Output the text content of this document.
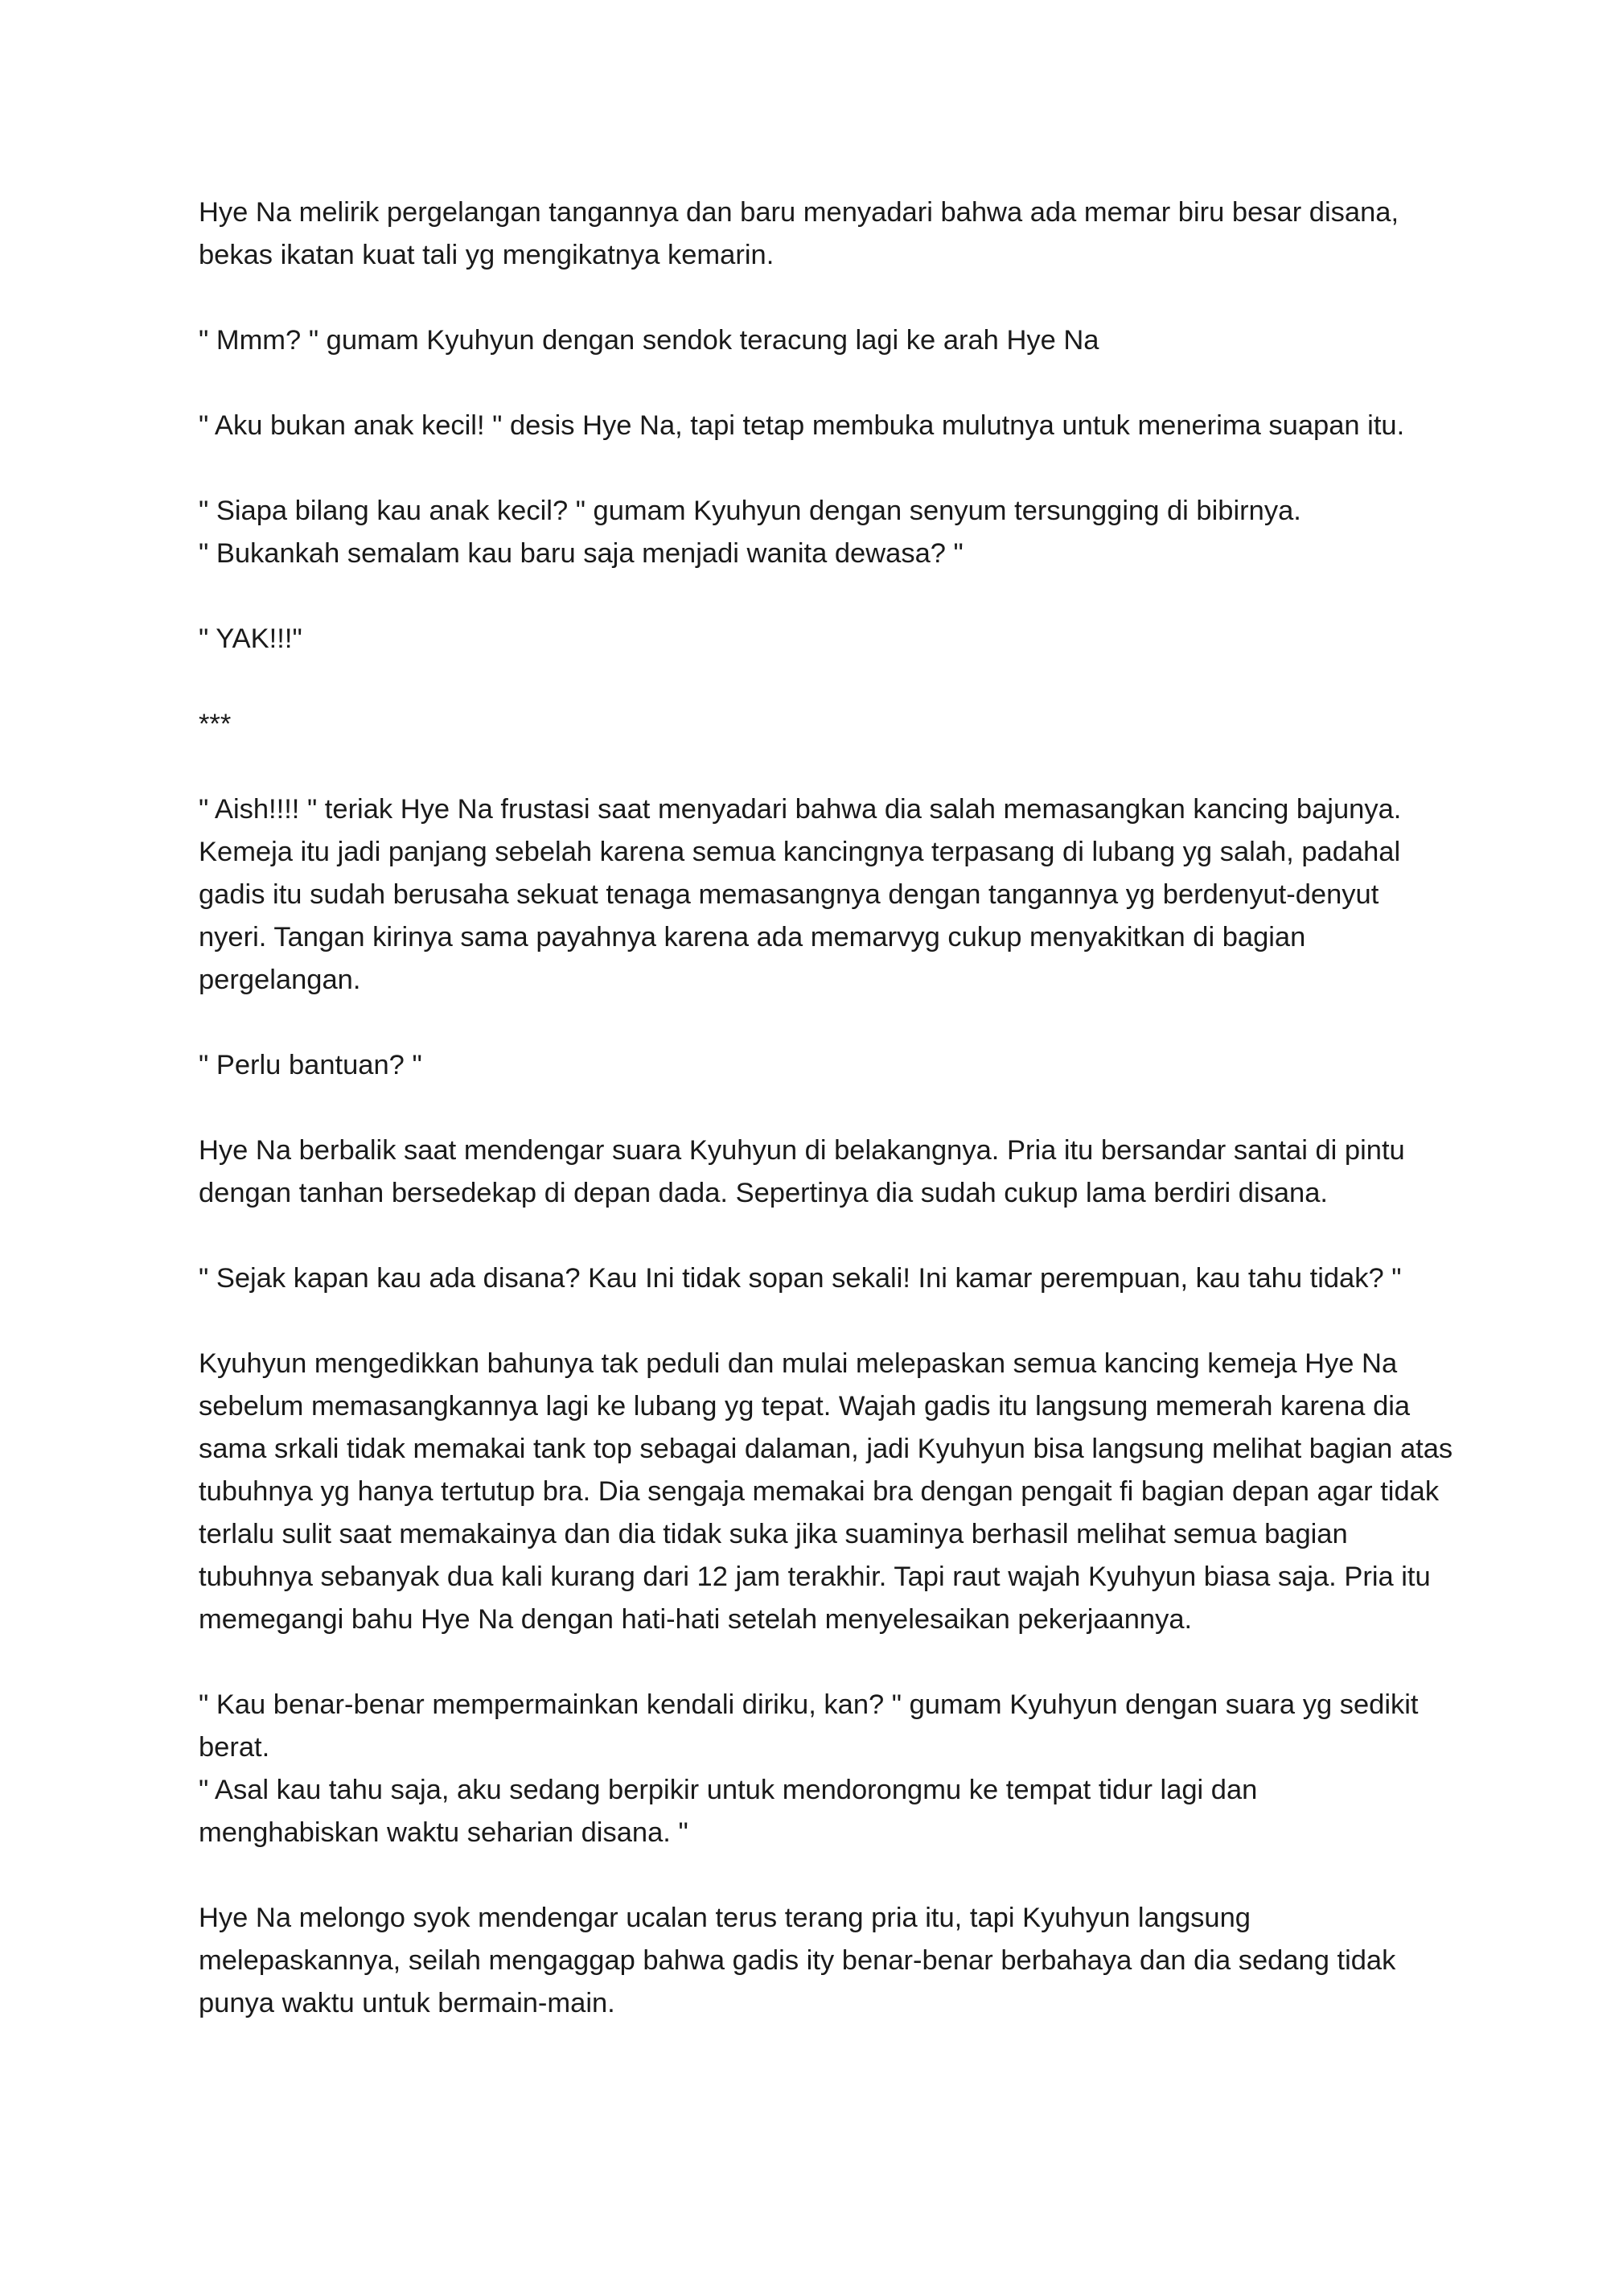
Hye Na melirik pergelangan tangannya dan baru menyadari bahwa ada memar biru besar disana,
bekas ikatan kuat tali yg mengikatnya kemarin.

" Mmm? " gumam Kyuhyun dengan sendok teracung lagi ke arah Hye Na

" Aku bukan anak kecil! " desis Hye Na, tapi tetap membuka mulutnya untuk menerima suapan itu.

" Siapa bilang kau anak kecil? " gumam Kyuhyun dengan senyum tersungging di bibirnya.
" Bukankah semalam kau baru saja menjadi wanita dewasa? "

" YAK!!!"

***

" Aish!!!! " teriak Hye Na frustasi saat menyadari bahwa dia salah memasangkan kancing bajunya.
Kemeja itu jadi panjang sebelah karena semua kancingnya terpasang di lubang yg salah, padahal
gadis itu sudah berusaha sekuat tenaga memasangnya dengan tangannya yg berdenyut-denyut
nyeri. Tangan kirinya sama payahnya karena ada memarvyg cukup menyakitkan di bagian
pergelangan.

" Perlu bantuan? "

Hye Na berbalik saat mendengar suara Kyuhyun di belakangnya. Pria itu bersandar santai di pintu
dengan tanhan bersedekap di depan dada. Sepertinya dia sudah cukup lama berdiri disana.

" Sejak kapan kau ada disana? Kau Ini tidak sopan sekali! Ini kamar perempuan, kau tahu tidak? "

Kyuhyun mengedikkan bahunya tak peduli dan mulai melepaskan semua kancing kemeja Hye Na
sebelum memasangkannya lagi ke lubang yg tepat. Wajah gadis itu langsung memerah karena dia
sama srkali tidak memakai tank top sebagai dalaman, jadi Kyuhyun bisa langsung melihat bagian atas
tubuhnya yg hanya tertutup bra. Dia sengaja memakai bra dengan pengait fi bagian depan agar tidak
terlalu sulit saat memakainya dan dia tidak suka jika suaminya berhasil melihat semua bagian
tubuhnya sebanyak dua kali kurang dari 12 jam terakhir. Tapi raut wajah Kyuhyun biasa saja. Pria itu
memegangi bahu Hye Na dengan hati-hati setelah menyelesaikan pekerjaannya.

" Kau benar-benar mempermainkan kendali diriku, kan? " gumam Kyuhyun dengan suara yg sedikit
berat.
" Asal kau tahu saja, aku sedang berpikir untuk mendorongmu ke tempat tidur lagi dan
menghabiskan waktu seharian disana. "

Hye Na melongo syok mendengar ucalan terus terang pria itu, tapi Kyuhyun langsung
melepaskannya, seilah mengaggap bahwa gadis ity benar-benar berbahaya dan dia sedang tidak
punya waktu untuk bermain-main.
